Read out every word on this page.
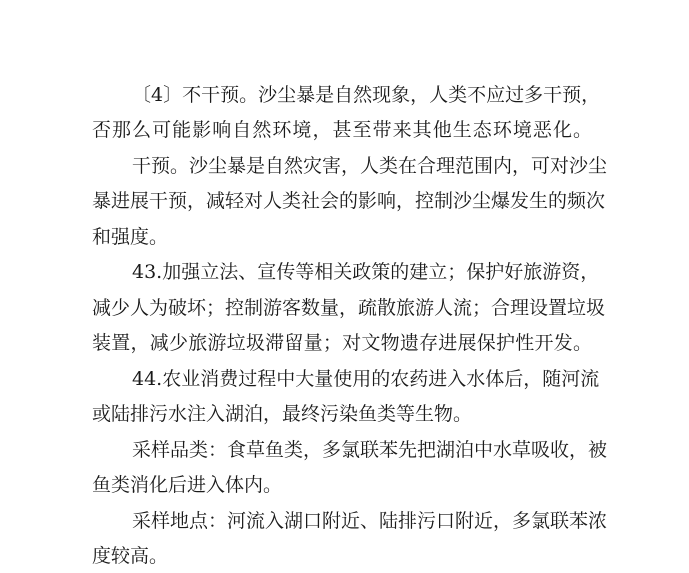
〔4〕不干预。沙尘暴是自然现象，人类不应过多干预，
否那么可能影响自然环境，甚至带来其他生态环境恶化。
干预。沙尘暴是自然灾害，人类在合理范围内，可对沙尘
暴进展干预，减轻对人类社会的影响，控制沙尘爆发生的频次
和强度。
43.加强立法、宣传等相关政策的建立；保护好旅游资，
减少人为破坏；控制游客数量，疏散旅游人流；合理设置垃圾
装置，减少旅游垃圾滞留量；对文物遗存进展保护性开发。
44.农业消费过程中大量使用的农药进入水体后，随河流
或陆排污水注入湖泊，最终污染鱼类等生物。
采样品类：食草鱼类，多氯联苯先把湖泊中水草吸收，被
鱼类消化后进入体内。
采样地点：河流入湖口附近、陆排污口附近，多氯联苯浓
度较高。
